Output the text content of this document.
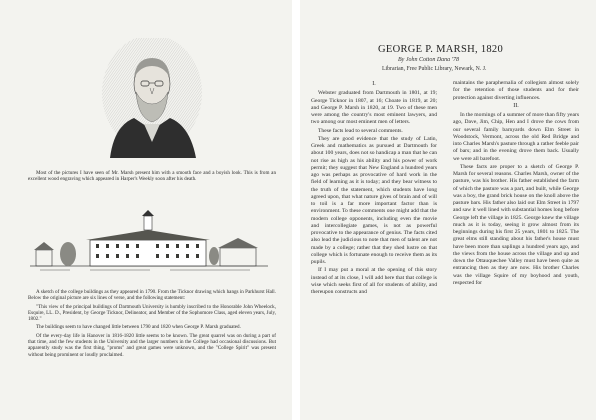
Most of the pictures I have seen of Mr. Marsh present him with a smooth face and a boyish look. This is from an excellent wood engraving which appeared in Harper's Weekly soon after his death.
A sketch of the college buildings as they appeared in 1790. From the Ticknor drawing which hangs in Parkhurst Hall. Below the original picture are six lines of verse, and the following statement:
"This view of the principal buildings of Dartmouth University is humbly inscribed to the Honorable John Wheelock, Esquire, LL. D., President, by George Ticknor, Delineator, and Member of the Sophomore Class, aged eleven years, July, 1802."
The buildings seem to have changed little between 1790 and 1820 when George P. Marsh graduated.
Of the every-day life in Hanover in 1816-1820 little seems to be known. The great quarrel was on during a part of that time, and the few students in the University and the larger numbers in the College had occasional discussions. But apparently study was the first thing, "proms" and great games were unknown, and the "College Spirit" was present without being prominent or loudly proclaimed.
GEORGE P. MARSH, 1820
By John Cotton Dana '78
Librarian, Free Public Library, Newark, N. J.
I.

Webster graduated from Dartmouth in 1801, at 19; George Ticknor in 1807, at 16; Choate in 1819, at 20; and George P. Marsh in 1820, at 19. Two of these men were among the country's most eminent lawyers, and two among our most eminent men of letters.

These facts lead to several comments.

They are good evidence that the study of Latin, Greek and mathematics as pursued at Dartmouth for about 100 years, does not so handicap a man that he can not rise as high as his ability and his power of work permit; they suggest that New England a hundred years ago was perhaps as provocative of hard work in the field of learning as it is today; and they bear witness to the truth of the statement, which students have long agreed upon, that what nature gives of brain and of will to toil is a far more important factor than is environment. To these comments one might add that the modern college opponents, including even the movie and intercollegiate games, is not as powerful provocative to the appearance of genius. The facts cited also lead the judicious to note that men of talent are not made by a college; rather that they shed lustre on that college which is fortunate enough to receive them as its pupils.

If I may put a moral at the opening of this story instead of at its close, I will add here that that college is wise which seeks first of all for students of ability, and thereupon constructs and

maintains the paraphernalia of collegism almost solely for the retention of those students and for their protection against diverting influences.

II.

In the mornings of a summer of more than fifty years ago, Dave, Jim, Chip, Hen and I drove the cows from our several family barnyards down Elm Street in Woodstock, Vermont, across the old Red Bridge and into Charles Marsh's pasture through a rather feeble pair of bars; and in the evening drove them back. Usually we were all barefoot.

These facts are proper to a sketch of George P. Marsh for several reasons. Charles Marsh, owner of the pasture, was his brother. His father established the farm of which the pasture was a part, and built, while George was a boy, the grand brick house on the knoll above the pasture bars. His father also laid out Elm Street in 1797 and saw it well lined with substantial homes long before George left the village in 1825. George knew the village much as it is today, seeing it grow almost from its beginnings during his first 25 years, 1801 to 1825. The great elms still standing about his father's house must have been more than saplings a hundred years ago, and the views from the house across the village and up and down the Ottauquechee Valley must have been quite as entrancing then as they are now. His brother Charles was the village Squire of my boyhood and youth, respected for
